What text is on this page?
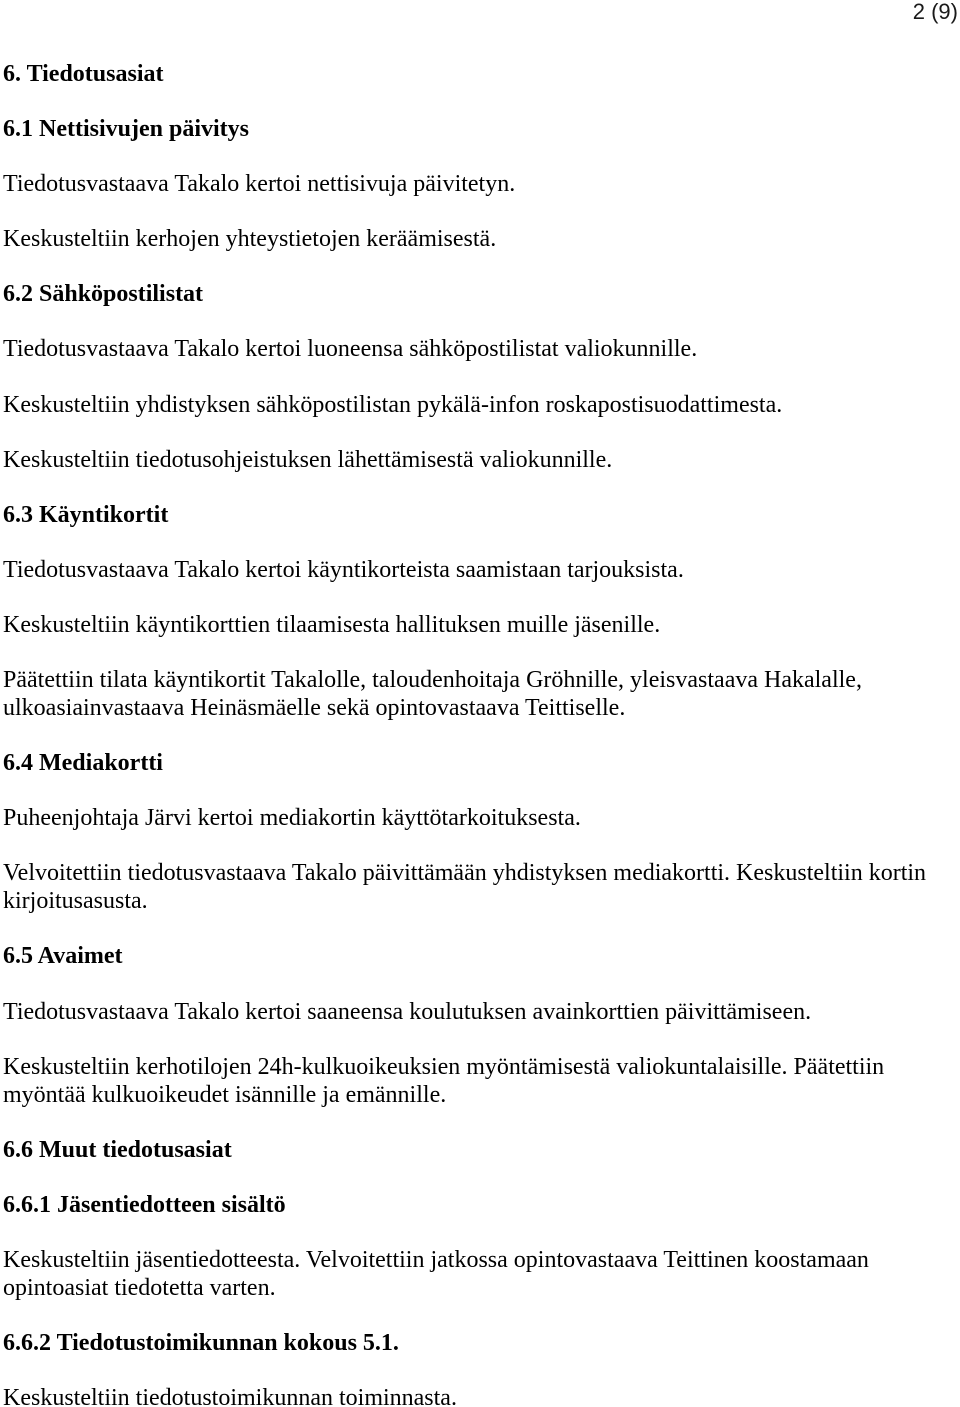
2 (9)
6. Tiedotusasiat
6.1 Nettisivujen päivitys
Tiedotusvastaava Takalo kertoi nettisivuja päivitetyn.
Keskusteltiin kerhojen yhteystietojen keräämisestä.
6.2 Sähköpostilistat
Tiedotusvastaava Takalo kertoi luoneensa sähköpostilistat valiokunnille.
Keskusteltiin yhdistyksen sähköpostilistan pykälä-infon roskapostisuodattimesta.
Keskusteltiin tiedotusohjeistuksen lähettämisestä valiokunnille.
6.3 Käyntikortit
Tiedotusvastaava Takalo kertoi käyntikorteista saamistaan tarjouksista.
Keskusteltiin käyntikorttien tilaamisesta hallituksen muille jäsenille.
Päätettiin tilata käyntikortit Takalolle, taloudenhoitaja Gröhnille, yleisvastaava Hakalalle, ulkoasiainvastaava Heinäsmäelle sekä opintovastaava Teittiselle.
6.4 Mediakortti
Puheenjohtaja Järvi kertoi mediakortin käyttötarkoituksesta.
Velvoitettiin tiedotusvastaava Takalo päivittämään yhdistyksen mediakortti. Keskusteltiin kortin kirjoitusasusta.
6.5 Avaimet
Tiedotusvastaava Takalo kertoi saaneensa koulutuksen avainkorttien päivittämiseen.
Keskusteltiin kerhotilojen 24h-kulkuoikeuksien myöntämisestä valiokuntalaisille. Päätettiin myöntää kulkuoikeudet isännille ja emännille.
6.6 Muut tiedotusasiat
6.6.1 Jäsentiedotteen sisältö
Keskusteltiin jäsentiedotteesta. Velvoitettiin jatkossa opintovastaava Teittinen koostamaan opintoasiat tiedotetta varten.
6.6.2 Tiedotustoimikunnan kokous 5.1.
Keskusteltiin tiedotustoimikunnan toiminnasta.
